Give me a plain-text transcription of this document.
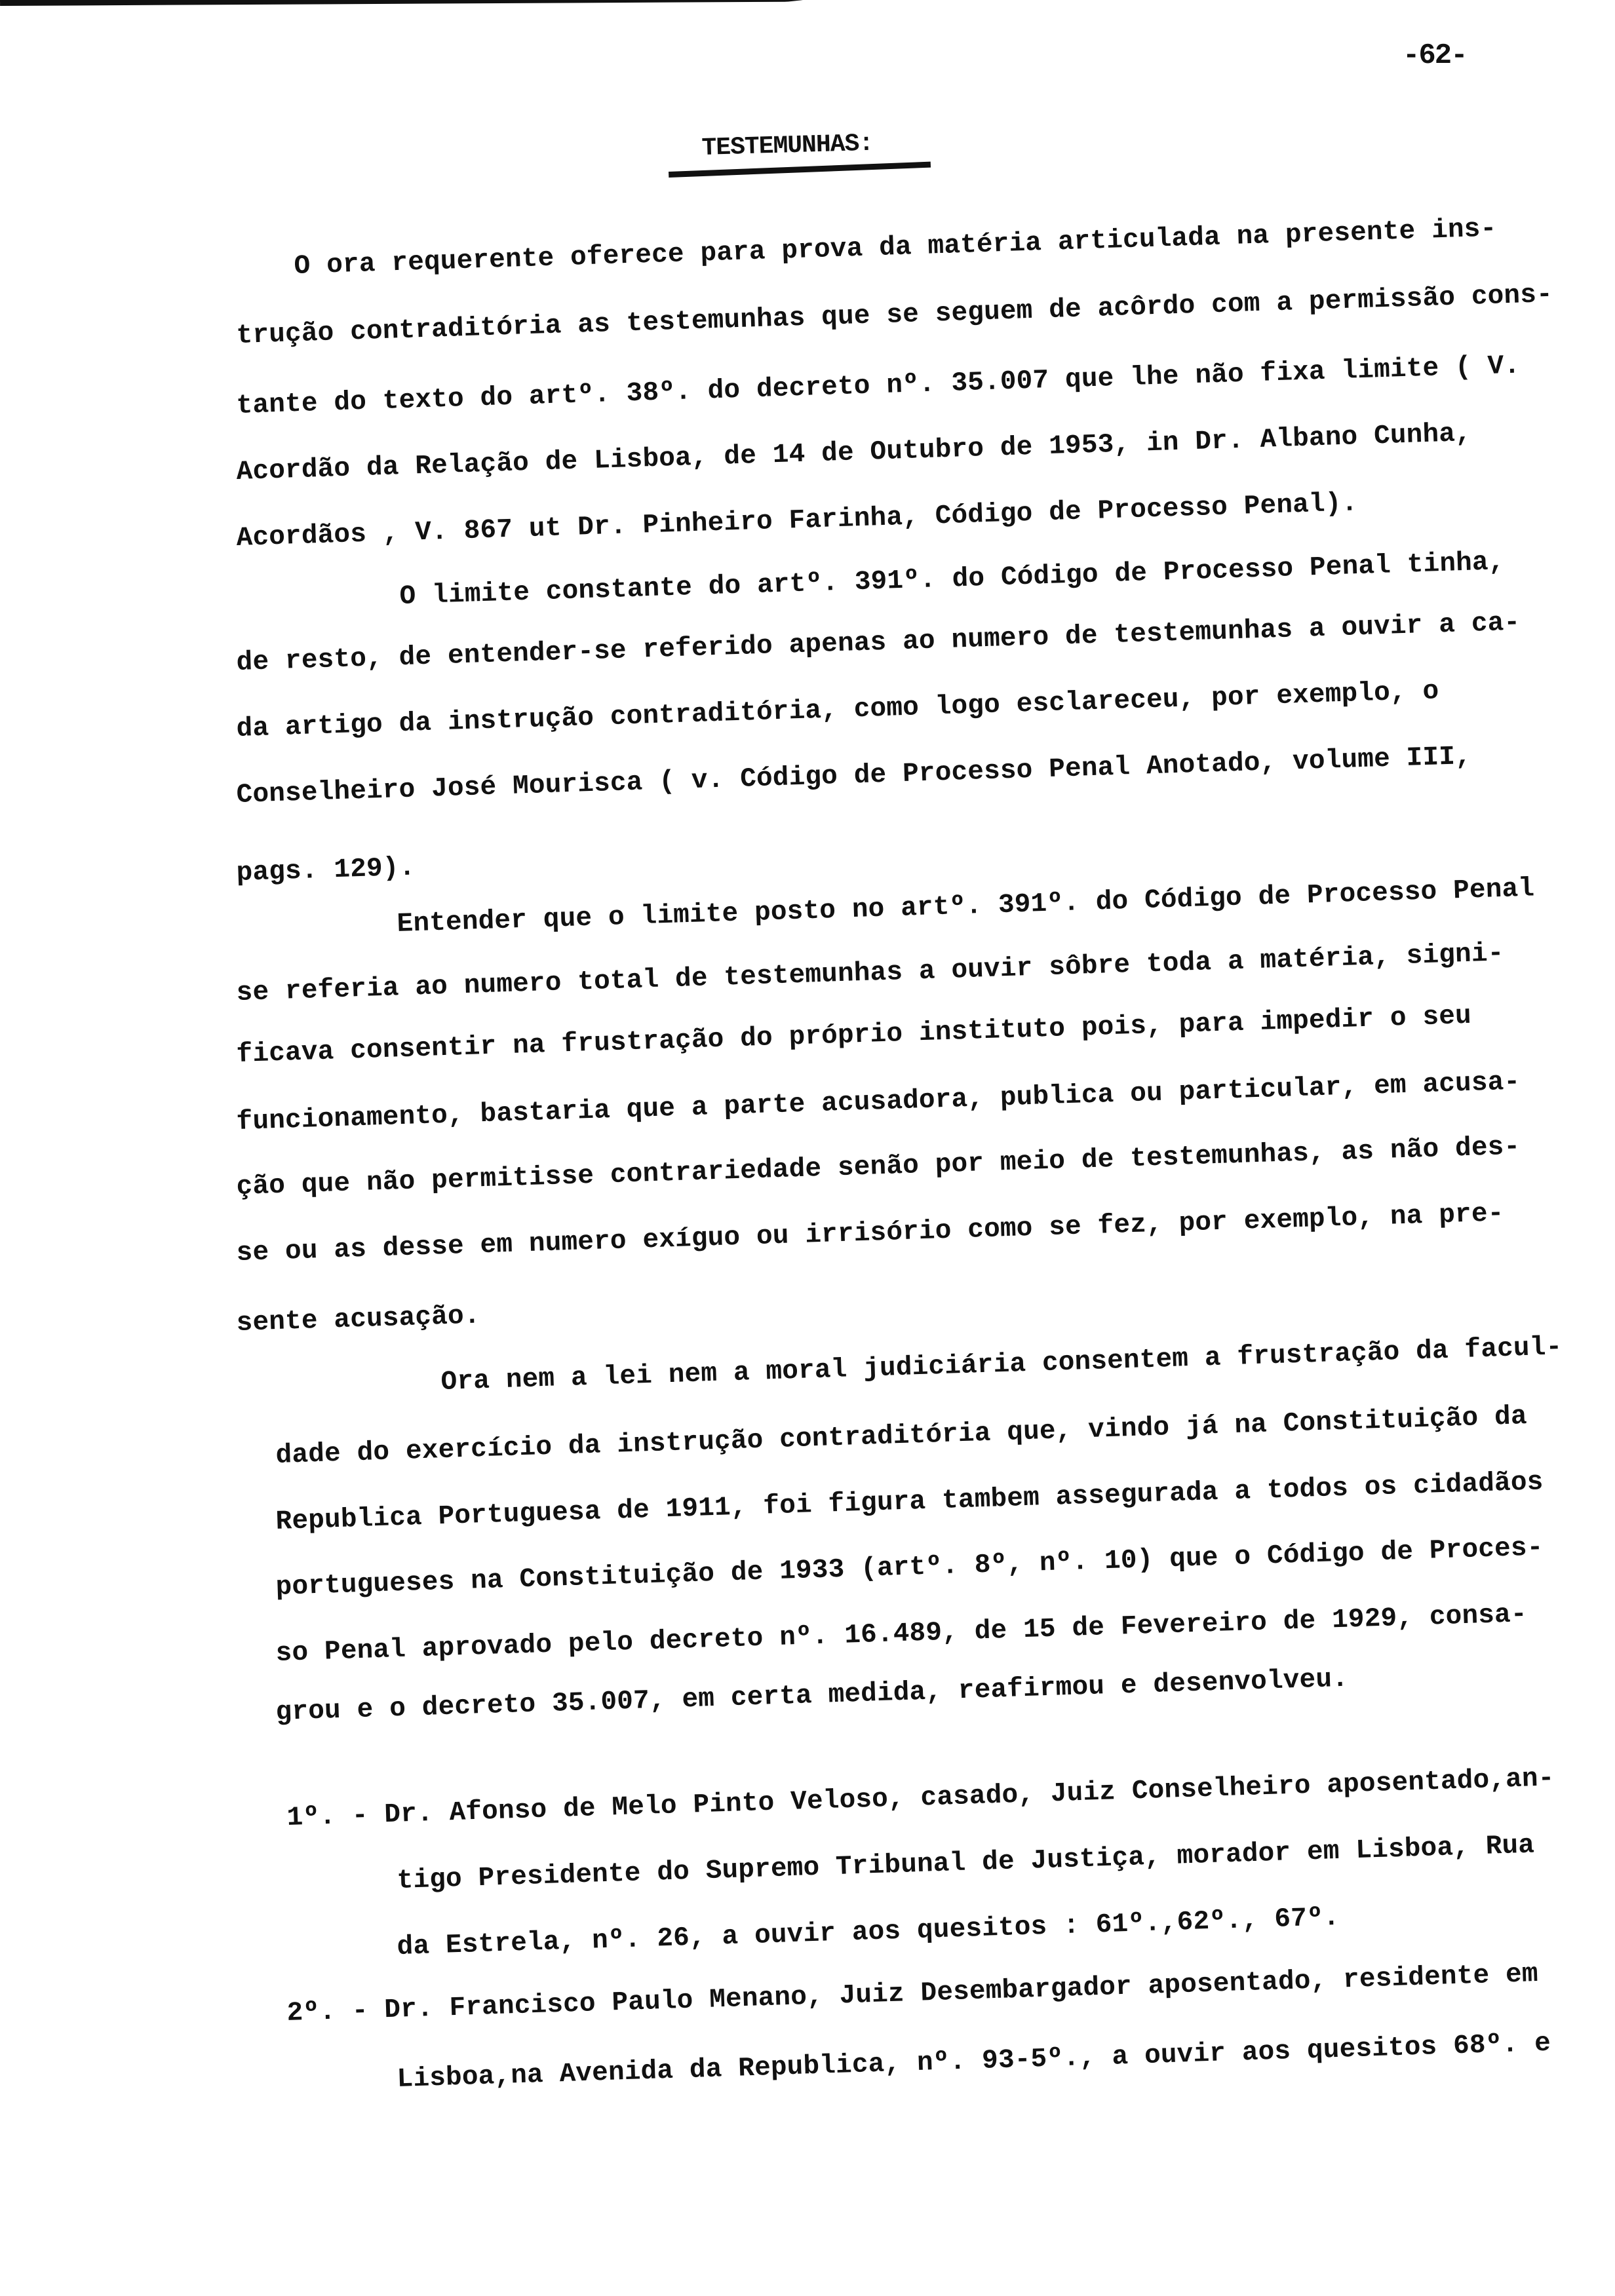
-62-
TESTEMUNHAS:
O ora requerente oferece para prova da matéria articulada na presente ins-
trução contraditória as testemunhas que se seguem de acôrdo com a permissão cons-
tante do texto do artº. 38º. do decreto nº. 35.007 que lhe não fixa limite ( V.
Acordão da Relação de Lisboa, de 14 de Outubro de 1953, in Dr. Albano Cunha,
Acordãos , V. 867 ut Dr. Pinheiro Farinha, Código de Processo Penal).
O limite constante do artº. 391º. do Código de Processo Penal tinha,
de resto, de entender-se referido apenas ao numero de testemunhas a ouvir a ca-
da artigo da instrução contraditória, como logo esclareceu, por exemplo, o
Conselheiro José Mourisca ( v. Código de Processo Penal Anotado, volume III,
pags. 129).
Entender que o limite posto no artº. 391º. do Código de Processo Penal
se referia ao numero total de testemunhas a ouvir sôbre toda a matéria, signi-
ficava consentir na frustração do próprio instituto pois, para impedir o seu
funcionamento, bastaria que a parte acusadora, publica ou particular, em acusa-
ção que não permitisse contrariedade senão por meio de testemunhas, as não des-
se ou as desse em numero exíguo ou irrisório como se fez, por exemplo, na pre-
sente acusação.
Ora nem a lei nem a moral judiciária consentem a frustração da facul-
dade do exercício da instrução contraditória que, vindo já na Constituição da
Republica Portuguesa de 1911, foi figura tambem assegurada a todos os cidadãos
portugueses na Constituição de 1933 (artº. 8º, nº. 10) que o Código de Proces-
so Penal aprovado pelo decreto nº. 16.489, de 15 de Fevereiro de 1929, consa-
grou e o decreto 35.007, em certa medida, reafirmou e desenvolveu.
1º. - Dr. Afonso de Melo Pinto Veloso, casado, Juiz Conselheiro aposentado,an-
tigo Presidente do Supremo Tribunal de Justiça, morador em Lisboa, Rua
da Estrela, nº. 26, a ouvir aos quesitos : 61º.,62º., 67º.
2º. - Dr. Francisco Paulo Menano, Juiz Desembargador aposentado, residente em
Lisboa,na Avenida da Republica, nº. 93-5º., a ouvir aos quesitos 68º. e
